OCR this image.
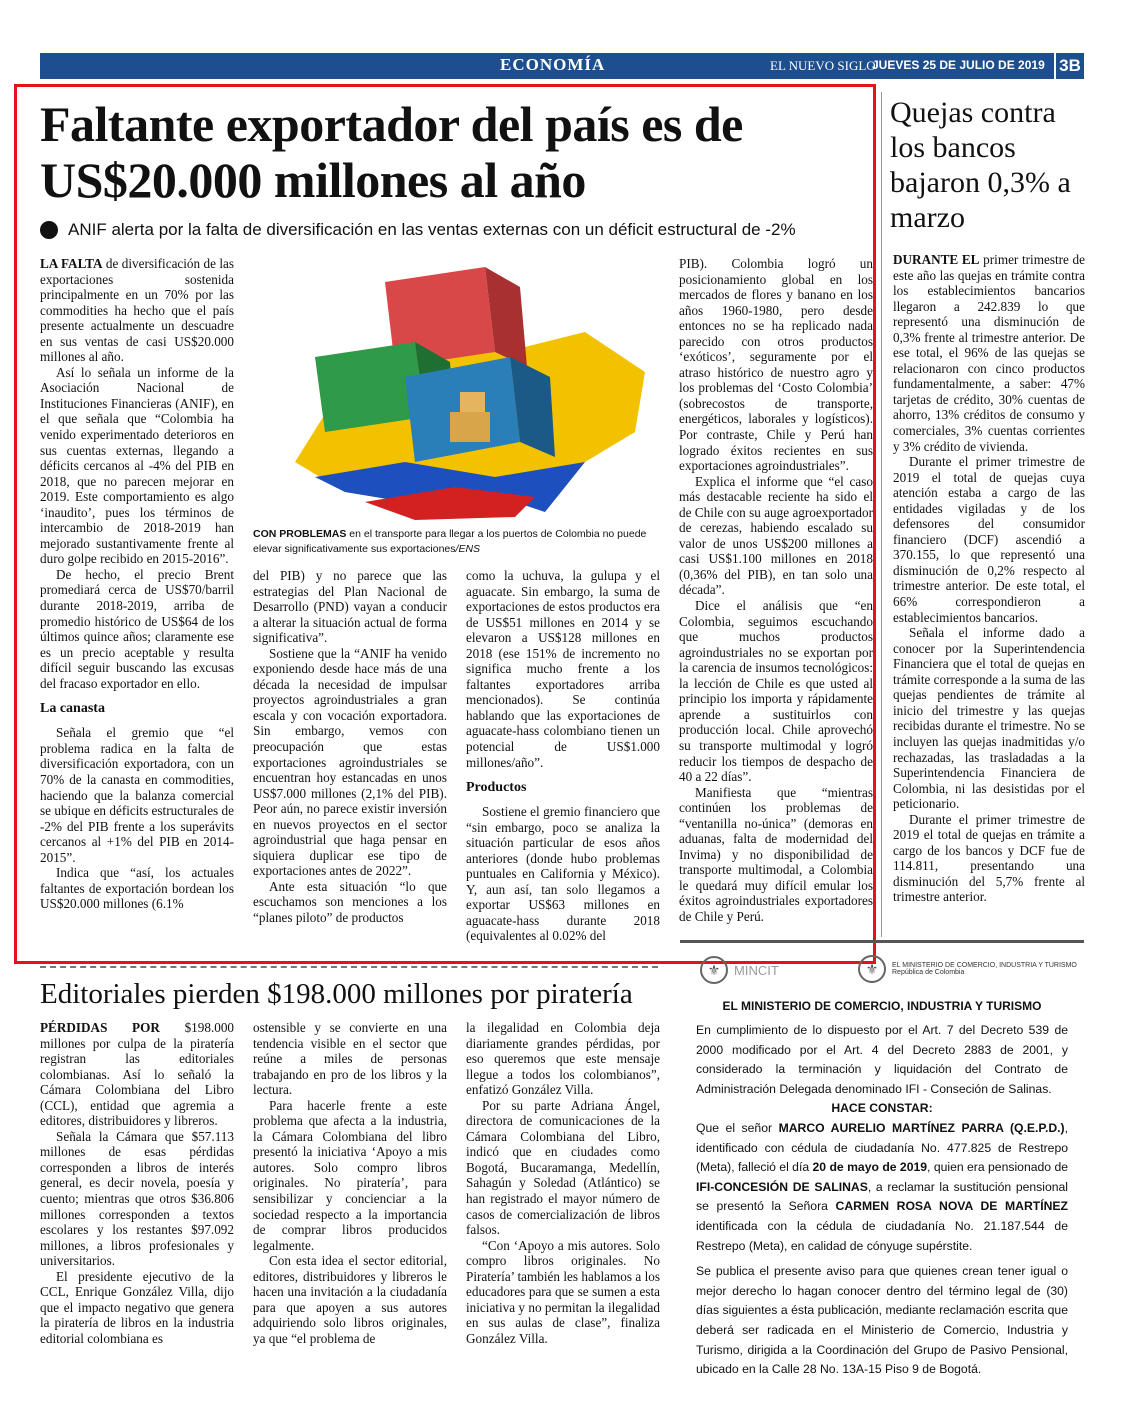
ECONOMÍA	EL NUEVO SIGLO
JUEVES 25 DE JULIO DE 2019 3B
Faltante exportador del país es de US$20.000 millones al año
ANIF alerta por la falta de diversificación en las ventas externas con un déficit estructural de -2%

LA FALTA de diversificación de las exportaciones sostenida principalmente en un 70% por las commodities ha hecho que el país presente actualmente un descuadre en sus ventas de casi US$20.000 millones al año.

Así lo señala un informe de la Asociación Nacional de Instituciones Financieras (ANIF), en el que señala que “Colombia ha venido experimentado deterioros en sus cuentas externas, llegando a déficits cercanos al -4% del PIB en 2018, que no parecen mejorar en 2019. Este comportamiento es algo ‘inaudito’, pues los términos de intercambio de 2018-2019 han mejorado sustantivamente frente al duro golpe recibido en 2015-2016”.

De hecho, el precio Brent promediará cerca de US$70/barril durante 2018-2019, arriba de promedio histórico de US$64 de los últimos quince años; claramente ese es un precio aceptable y resulta difícil seguir buscando las excusas del fracaso exportador en ello.

La canasta

Señala el gremio que “el problema radica en la falta de diversificación exportadora, con un 70% de la canasta en commodities, haciendo que la balanza comercial se ubique en déficits estructurales de -2% del PIB frente a los superávits cercanos al +1% del PIB en 2014-2015”.

Indica que “así, los actuales faltantes de exportación bordean los US$20.000 millones (6.1%

CON PROBLEMAS en el transporte para llegar a los puertos de Colombia no puede elevar significativamente sus exportaciones/ENS

del PIB) y no parece que las estrategias del Plan Nacional de Desarrollo (PND) vayan a conducir a alterar la situación actual de forma significativa”.

Sostiene que la “ANIF ha venido exponiendo desde hace más de una década la necesidad de impulsar proyectos agroindustriales a gran escala y con vocación exportadora. Sin embargo, vemos con preocupación que estas exportaciones agroindustriales se encuentran hoy estancadas en unos US$7.000 millones (2,1% del PIB). Peor aún, no parece existir inversión en nuevos proyectos en el sector agroindustrial que haga pensar en siquiera duplicar ese tipo de exportaciones antes de 2022”.

Ante esta situación “lo que escuchamos son menciones a los “planes piloto” de productos

como la uchuva, la gulupa y el aguacate. Sin embargo, la suma de exportaciones de estos productos era de US$51 millones en 2014 y se elevaron a US$128 millones en 2018 (ese 151% de incremento no significa mucho frente a los faltantes exportadores arriba mencionados). Se continúa hablando que las exportaciones de aguacate-hass colombiano tienen un potencial de US$1.000 millones/año”.

Productos

Sostiene el gremio financiero que “sin embargo, poco se analiza la situación particular de esos años anteriores (donde hubo problemas puntuales en California y México). Y, aun así, tan solo llegamos a exportar US$63 millones en aguacate-hass durante 2018 (equivalentes al 0.02% del

PIB). Colombia logró un posicionamiento global en los mercados de flores y banano en los años 1960-1980, pero desde entonces no se ha replicado nada parecido con otros productos ‘exóticos’, seguramente por el atraso histórico de nuestro agro y los problemas del ‘Costo Colombia’ (sobrecostos de transporte, energéticos, laborales y logísticos). Por contraste, Chile y Perú han logrado éxitos recientes en sus exportaciones agroindustriales”.

Explica el informe que “el caso más destacable reciente ha sido el de Chile con su auge agroexportador de cerezas, habiendo escalado su valor de unos US$200 millones a casi US$1.100 millones en 2018 (0,36% del PIB), en tan solo una década”.

Dice el análisis que “en Colombia, seguimos escuchando que muchos productos agroindustriales no se exportan por la carencia de insumos tecnológicos: la lección de Chile es que usted al principio los importa y rápidamente aprende a sustituirlos con producción local. Chile aprovechó su transporte multimodal y logró reducir los tiempos de despacho de 40 a 22 días”.

Manifiesta que “mientras continúen los problemas de “ventanilla no-única” (demoras en aduanas, falta de modernidad del Invima) y no disponibilidad de transporte multimodal, a Colombia le quedará muy difícil emular los éxitos agroindustriales exportadores de Chile y Perú.

Quejas contra los bancos bajaron 0,3% a marzo

DURANTE EL primer trimestre de este año las quejas en trámite contra los establecimientos bancarios llegaron a 242.839 lo que representó una disminución de 0,3% frente al trimestre anterior. De ese total, el 96% de las quejas se relacionaron con cinco productos fundamentalmente, a saber: 47% tarjetas de crédito, 30% cuentas de ahorro, 13% créditos de consumo y comerciales, 3% cuentas corrientes y 3% crédito de vivienda.

Durante el primer trimestre de 2019 el total de quejas cuya atención estaba a cargo de las entidades vigiladas y de los defensores del consumidor financiero (DCF) ascendió a 370.155, lo que representó una disminución de 0,2% respecto al trimestre anterior. De este total, el 66% correspondieron a establecimientos bancarios.

Señala el informe dado a conocer por la Superintendencia Financiera que el total de quejas en trámite corresponde a la suma de las quejas pendientes de trámite al inicio del trimestre y las quejas recibidas durante el trimestre. No se incluyen las quejas inadmitidas y/o rechazadas, las trasladadas a la Superintendencia Financiera de Colombia, ni las desistidas por el peticionario.

Durante el primer trimestre de 2019 el total de quejas en trámite a cargo de los bancos y DCF fue de 114.811, presentando una disminución del 5,7% frente al trimestre anterior.

Editoriales pierden $198.000 millones por piratería

PÉRDIDAS POR $198.000 millones por culpa de la piratería registran las editoriales colombianas. Así lo señaló la Cámara Colombiana del Libro (CCL), entidad que agremia a editores, distribuidores y libreros.

Señala la Cámara que $57.113 millones de esas pérdidas corresponden a libros de interés general, es decir novela, poesía y cuento; mientras que otros $36.806 millones corresponden a textos escolares y los restantes $97.092 millones, a libros profesionales y universitarios.

El presidente ejecutivo de la CCL, Enrique González Villa, dijo que el impacto negativo que genera la piratería de libros en la industria editorial colombiana es

ostensible y se convierte en una tendencia visible en el sector que reúne a miles de personas trabajando en pro de los libros y la lectura.

Para hacerle frente a este problema que afecta a la industria, la Cámara Colombiana del libro presentó la iniciativa ‘Apoyo a mis autores. Solo compro libros originales. No piratería’, para sensibilizar y concienciar a la sociedad respecto a la importancia de comprar libros producidos legalmente.

Con esta idea el sector editorial, editores, distribuidores y libreros le hacen una invitación a la ciudadanía para que apoyen a sus autores adquiriendo solo libros originales, ya que “el problema de

la ilegalidad en Colombia deja diariamente grandes pérdidas, por eso queremos que este mensaje llegue a todos los colombianos”, enfatizó González Villa.

Por su parte Adriana Ángel, directora de comunicaciones de la Cámara Colombiana del Libro, indicó que en ciudades como Bogotá, Bucaramanga, Medellín, Sahagún y Soledad (Atlántico) se han registrado el mayor número de casos de comercialización de libros falsos.

“Con ‘Apoyo a mis autores. Solo compro libros originales. No Piratería’ también les hablamos a los educadores para que se sumen a esta iniciativa y no permitan la ilegalidad en sus aulas de clase”, finaliza González Villa.

EL MINISTERIO DE COMERCIO, INDUSTRIA Y TURISMO

En cumplimiento de lo dispuesto por el Art. 7 del Decreto 539 de 2000 modificado por el Art. 4 del Decreto 2883 de 2001, y considerado la terminación y liquidación del Contrato de Administración Delegada denominado IFI - Conseción de Salinas.

HACE CONSTAR:

Que el señor MARCO AURELIO MARTÍNEZ PARRA (Q.E.P.D.), identificado con cédula de ciudadanía No. 477.825 de Restrepo (Meta), falleció el día 20 de mayo de 2019, quien era pensionado de IFI-CONCESIÓN DE SALINAS, a reclamar la sustitución pensional se presentó la Señora CARMEN ROSA NOVA DE MARTÍNEZ identificada con la cédula de ciudadanía No. 21.187.544 de Restrepo (Meta), en calidad de cónyuge supérstite.

Se publica el presente aviso para que quienes crean tener igual o mejor derecho lo hagan conocer dentro del término legal de (30) días siguientes a ésta publicación, mediante reclamación escrita que deberá ser radicada en el Ministerio de Comercio, Industria y Turismo, dirigida a la Coordinación del Grupo de Pasivo Pensional, ubicado en la Calle 28 No. 13A-15 Piso 9 de Bogotá.

⚜	MINCIT	⚜	EL MINISTERIO DE COMERCIO, INDUSTRIA Y TURISMO
República de Colombia
